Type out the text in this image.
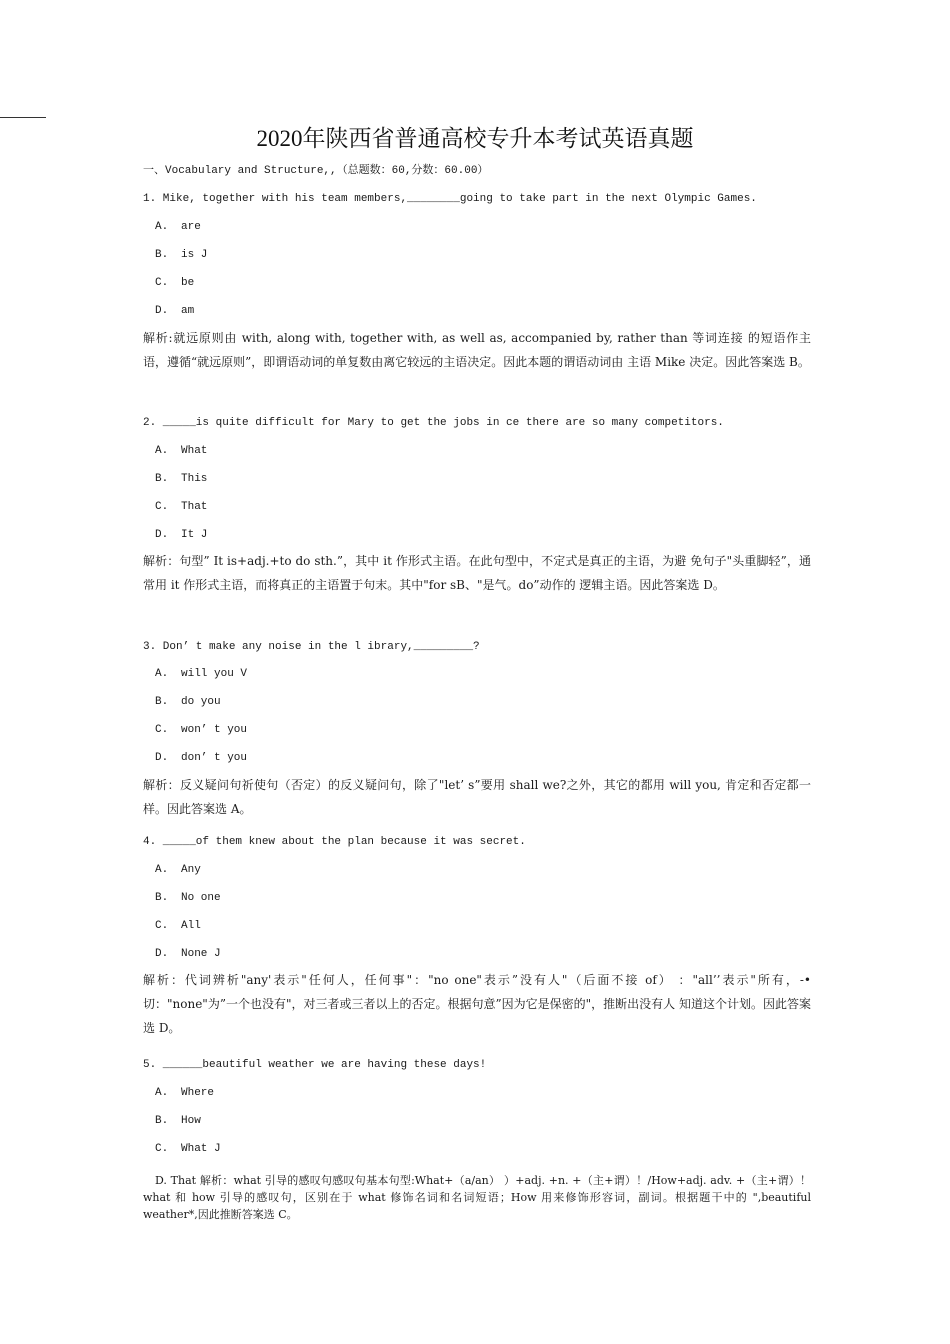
2020年陕西省普通高校专升本考试英语真题
一、Vocabulary and Structure,,（总题数：60,分数：60.00）
1. Mike, together with his team members,________going to take part in the next Olympic Games.
A. are
B. is J
C. be
D. am
解析:就远原则由 with, along with, together with, as well as, accompanied by, rather than 等词连接 的短语作主语，遵循“就远原则”，即谓语动词的单复数由离它较远的主语决定。因此本题的谓语动词由 主语 Mike 决定。因此答案选 B。
2. _____is quite difficult for Mary to get the jobs in ce there are so many competitors.
A. What
B. This
C. That
D. It J
解析：句型” It is+adj.+to do sth.”，其中 it 作形式主语。在此句型中，不定式是真正的主语，为避 免句子"头重脚轻”，通常用 it 作形式主语，而将真正的主语置于句末。其中"for sB、"是气。do”动作的 逻辑主语。因此答案选 D。
3. Don’ t make any noise in the l ibrary,_________?
A. will you V
B. do you
C. won’ t you
D. don’ t you
解析：反义疑问句祈使句（否定）的反义疑问句，除了"let’ s”要用 shall we?之外，其它的都用 will you, 肯定和否定都一样。因此答案选 A。
4. _____of them knew about the plan because it was secret.
A. Any
B. No one
C. All
D. None J
解析：代词辨析"any'表示"任何人，任何事"："no one"表示”没有人"（后面不接 of） ："all’’表示"所有，-•切："none"为”一个也没有"，对三者或三者以上的否定。根据句意”因为它是保密的"，推断出没有人 知道这个计划。因此答案选 D。
5. ______beautiful weather we are having these days!
A. Where
B. How
C. What J
D. That 解析：what 引导的感叹句感叹句基本句型:What+（a/an） ）+adj. +n. +（主+谓）！/How+adj. adv. +（主+谓）！ what 和 how 引导的感叹句，区别在于 what 修饰名词和名词短语；How 用来修饰形容词，副词。根据题干中的 ",beautiful weather*,因此推断答案选 C。
